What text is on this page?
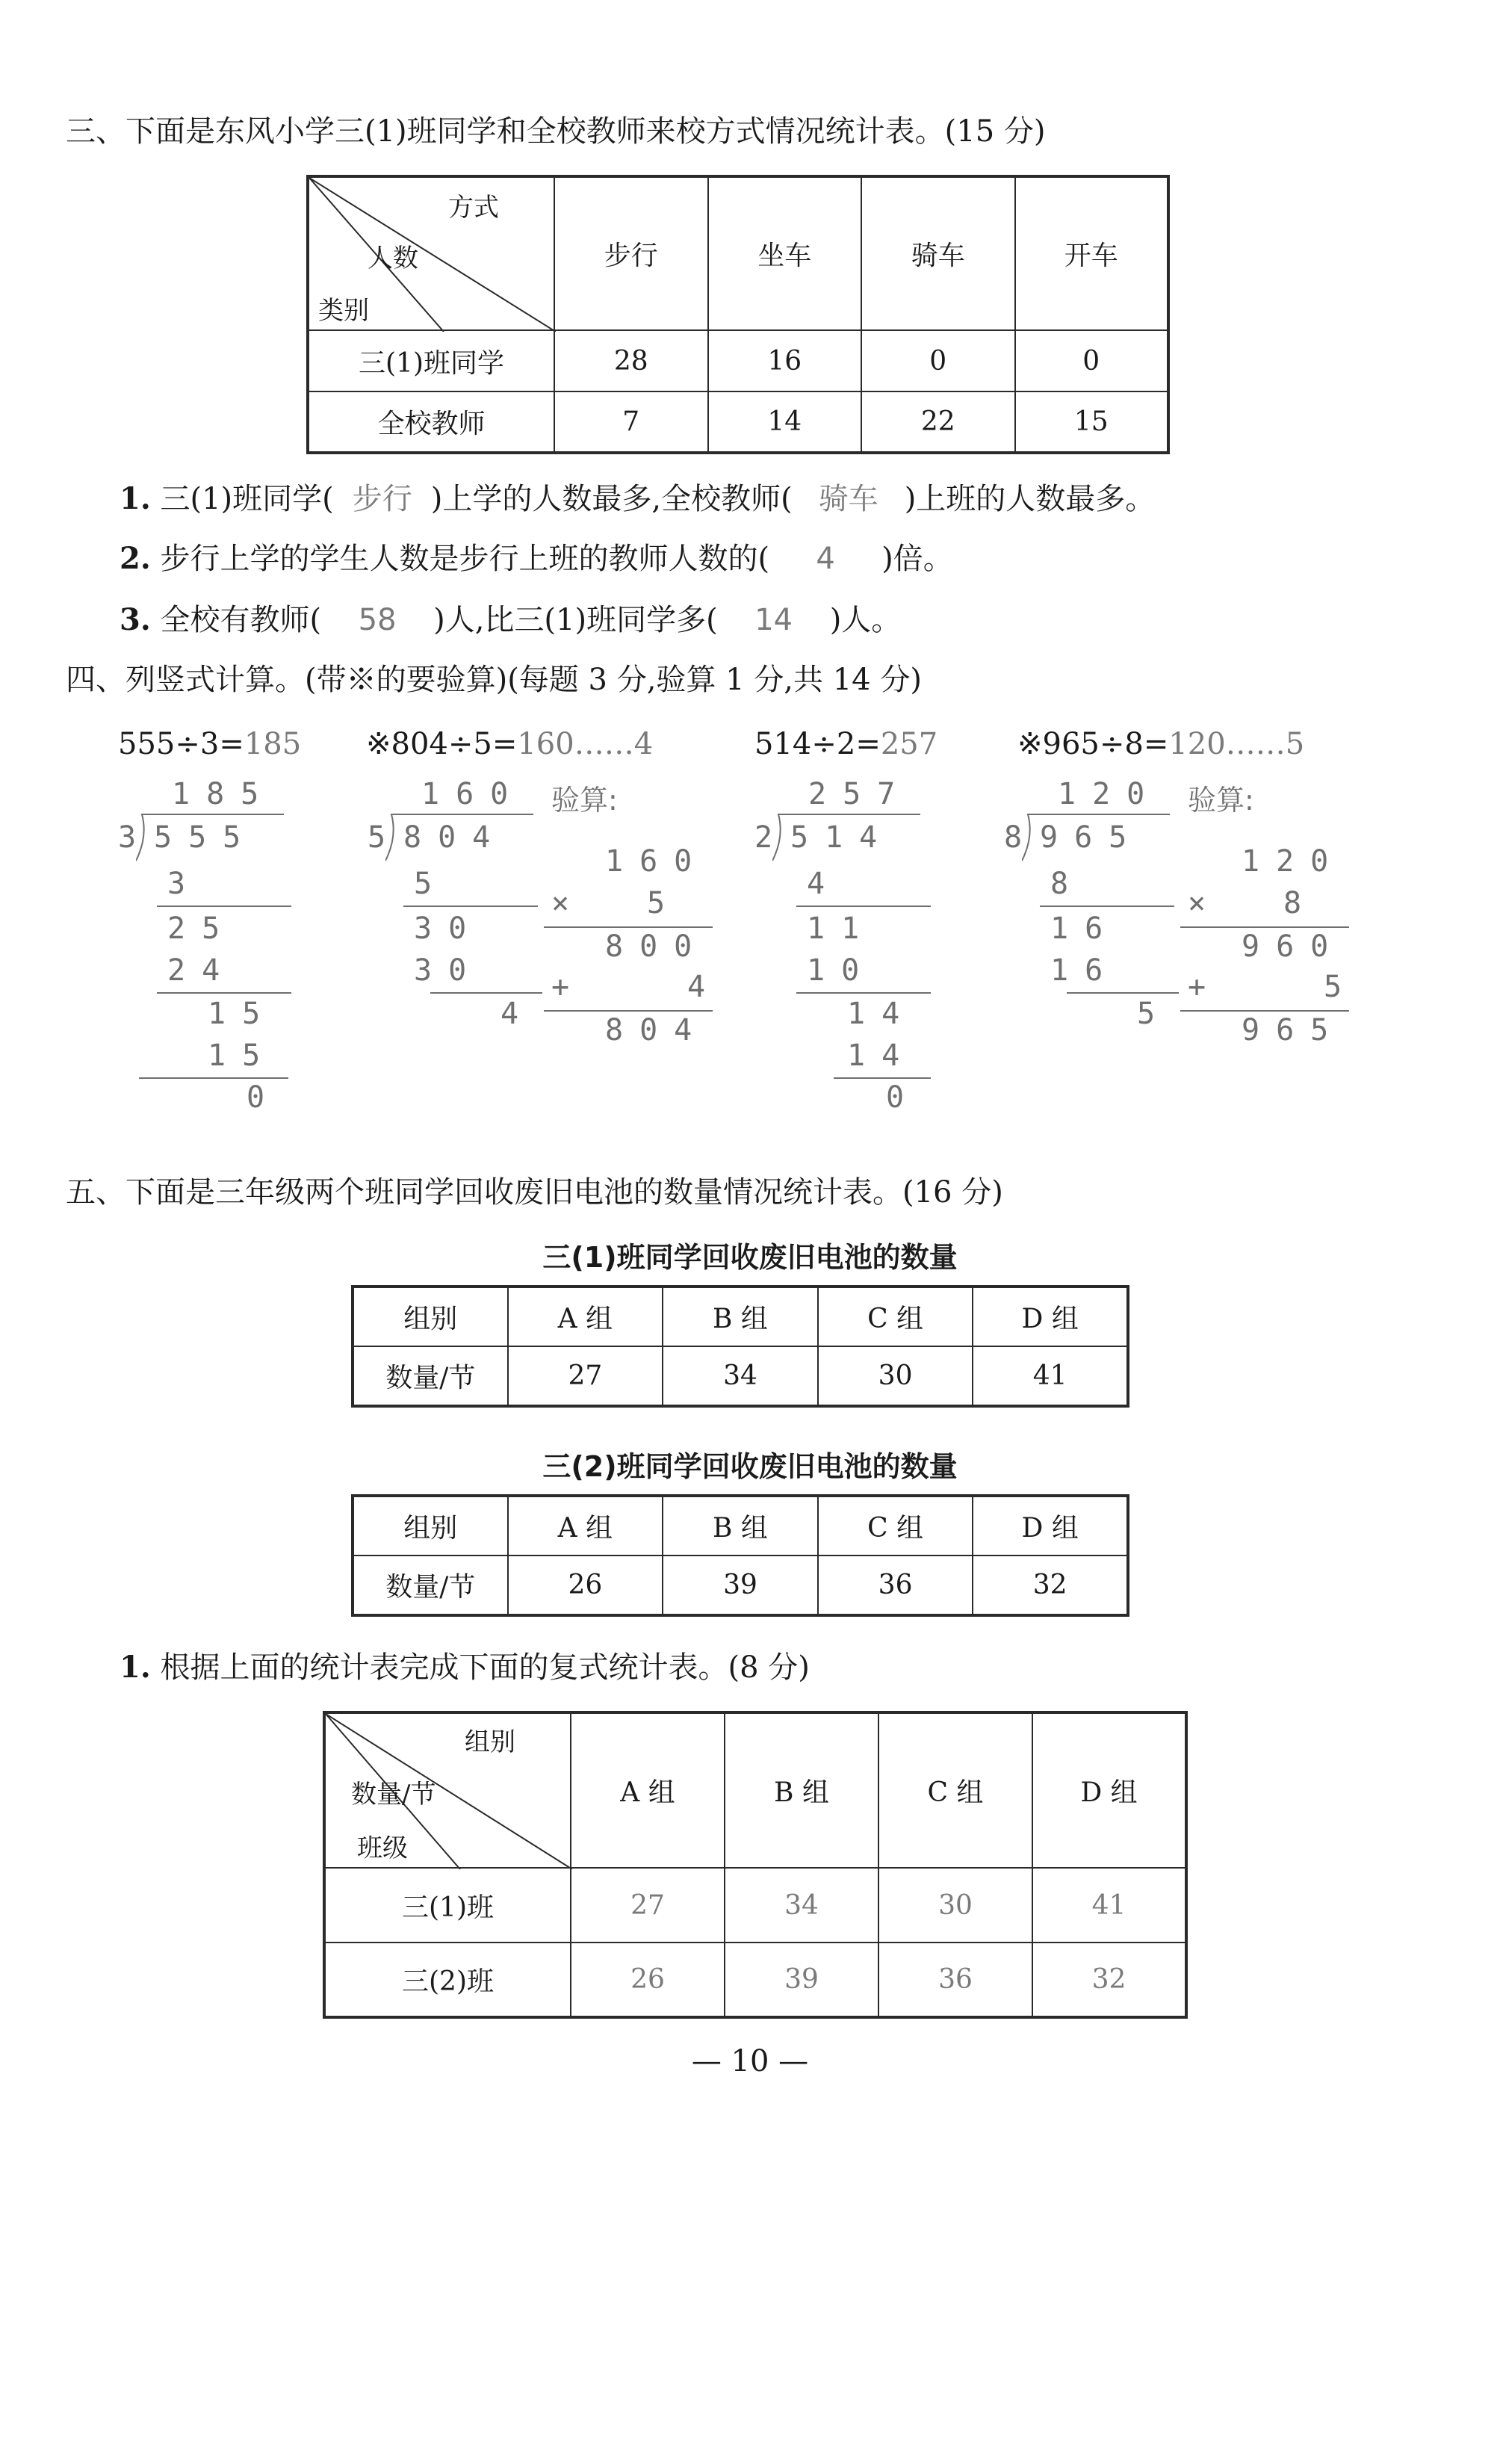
三、下面是东风小学三(1)班同学和全校教师来校方式情况统计表。(15 分)
方式
人数
类别	步行	坐车	骑车	开车
三(1)班同学	28	16	0	0
全校教师	7	14	22	15
1. 三(1)班同学( 步行 )上学的人数最多,全校教师( 骑车 )上班的人数最多。
2. 步行上学的学生人数是步行上班的教师人数的( 4 )倍。
3. 全校有教师( 58 )人,比三(1)班同学多( 14 )人。
四、列竖式计算。(带※的要验算)(每题 3 分,验算 1 分,共 14 分)
555÷3=185 ※804÷5=160……4	514÷2=257	※965÷8=120……5
185
3 555
3
25
24
15
15
0
160
5 804
5
30
30
4
验算:
160
× 5
800
+	4
804
257
2 514
4
11
10
14
14
0
120
8 965
8
16
16
5
验算:
120
× 8
960
+	5
965
五、下面是三年级两个班同学回收废旧电池的数量情况统计表。(16 分)
三(1)班同学回收废旧电池的数量
组别	A 组	B 组	C 组	D 组
数量/节	27	34	30	41
三(2)班同学回收废旧电池的数量
组别	A 组	B 组	C 组	D 组
数量/节	26	39	36	32
1. 根据上面的统计表完成下面的复式统计表。(8 分)
组别
数量/节
班级	A 组	B 组	C 组	D 组
三(1)班	27	34	30	41
三(2)班	26	39	36	32
— 10 —
